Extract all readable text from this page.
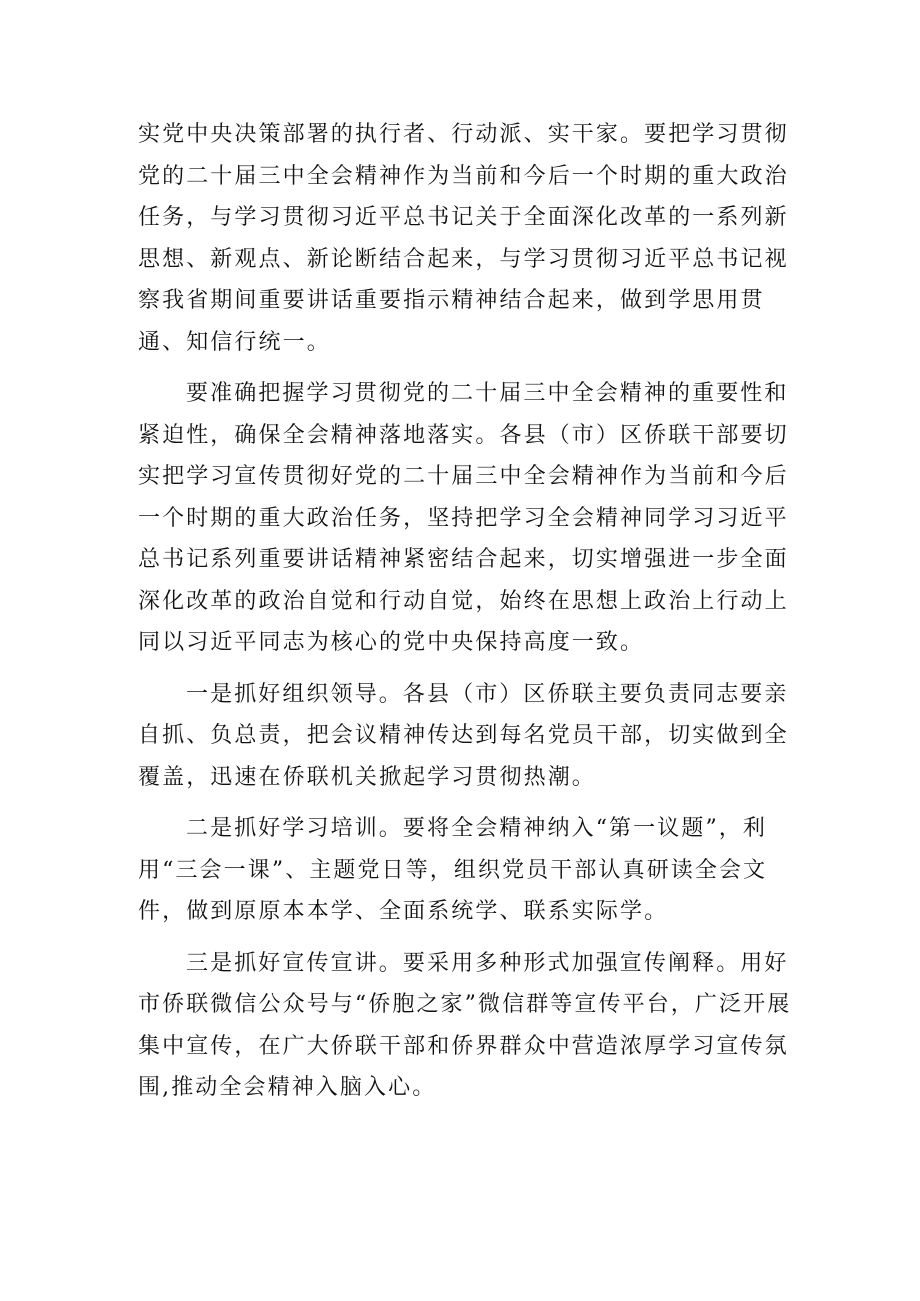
实党中央决策部署的执行者、行动派、实干家。要把学习贯彻党的二十届三中全会精神作为当前和今后一个时期的重大政治任务，与学习贯彻习近平总书记关于全面深化改革的一系列新思想、新观点、新论断结合起来，与学习贯彻习近平总书记视察我省期间重要讲话重要指示精神结合起来，做到学思用贯通、知信行统一。

要准确把握学习贯彻党的二十届三中全会精神的重要性和紧迫性，确保全会精神落地落实。各县（市）区侨联干部要切实把学习宣传贯彻好党的二十届三中全会精神作为当前和今后一个时期的重大政治任务，坚持把学习全会精神同学习习近平总书记系列重要讲话精神紧密结合起来，切实增强进一步全面深化改革的政治自觉和行动自觉，始终在思想上政治上行动上同以习近平同志为核心的党中央保持高度一致。

一是抓好组织领导。各县（市）区侨联主要负责同志要亲自抓、负总责，把会议精神传达到每名党员干部，切实做到全覆盖，迅速在侨联机关掀起学习贯彻热潮。

二是抓好学习培训。要将全会精神纳入“第一议题”，利用“三会一课”、主题党日等，组织党员干部认真研读全会文件，做到原原本本学、全面系统学、联系实际学。

三是抓好宣传宣讲。要采用多种形式加强宣传阐释。用好市侨联微信公众号与“侨胞之家”微信群等宣传平台，广泛开展集中宣传，在广大侨联干部和侨界群众中营造浓厚学习宣传氛围,推动全会精神入脑入心。
